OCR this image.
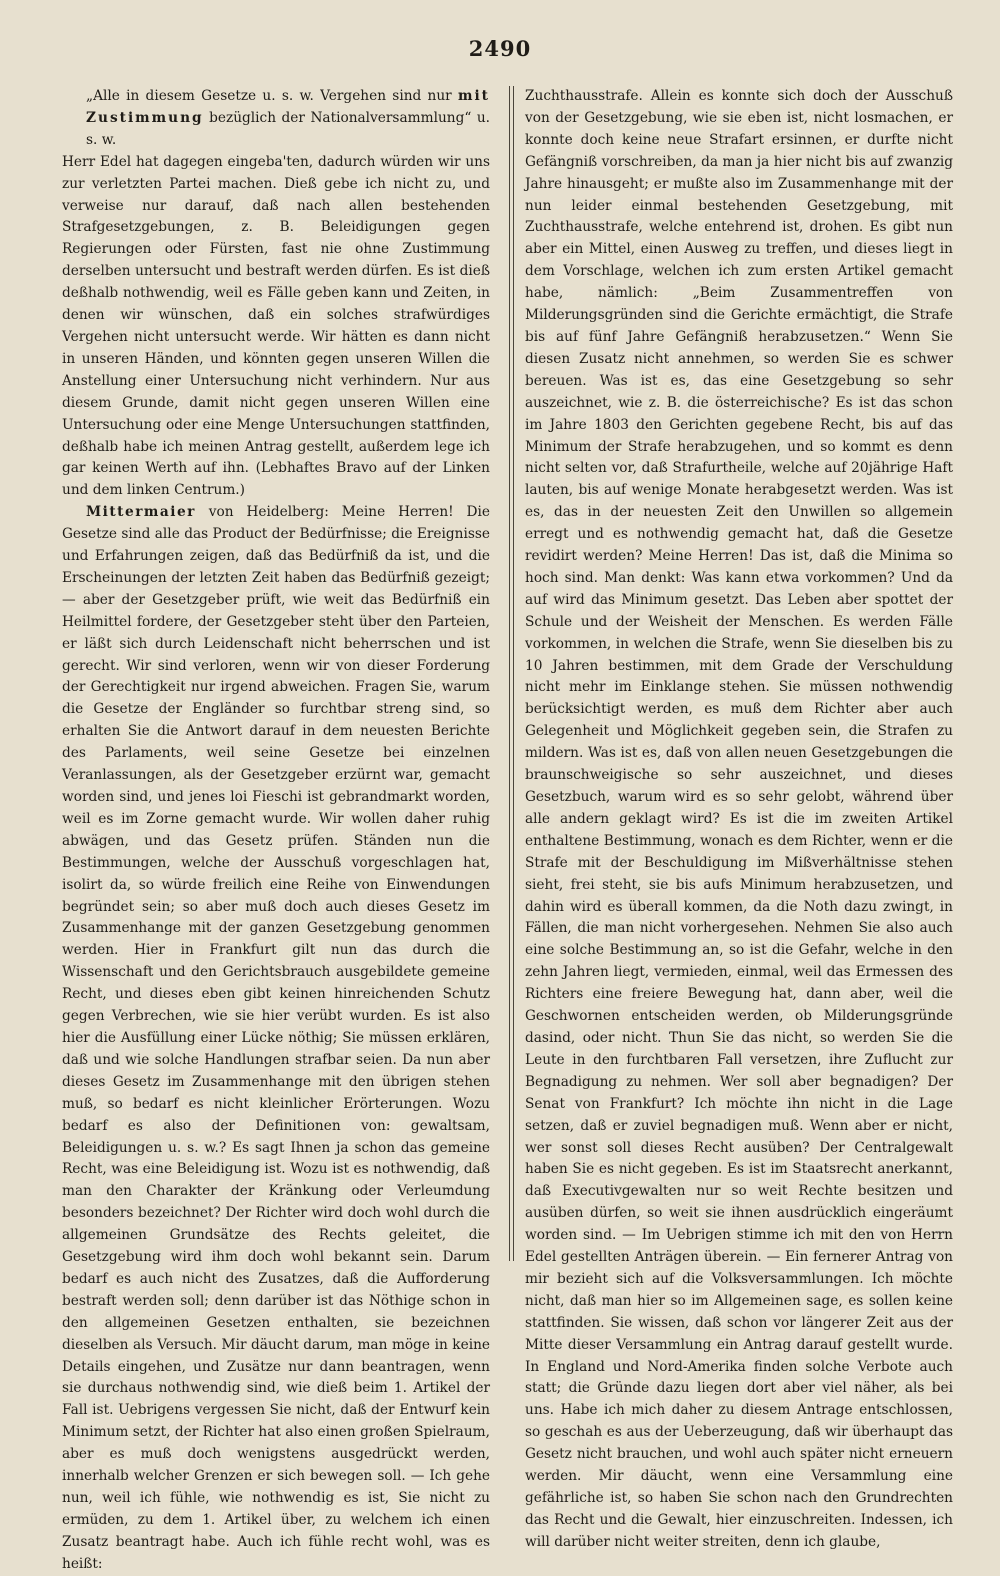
2490

„Alle in diesem Gesetze u. s. w. Vergehen sind nur mit Zustimmung bezüglich der Nationalversammlung“ u. s. w.

Herr Edel hat dagegen eingeba'ten, dadurch würden wir uns zur verletzten Partei machen. Dieß gebe ich nicht zu, und verweise nur darauf, daß nach allen bestehenden Strafgesetzgebungen, z. B. Beleidigungen gegen Regierungen oder Fürsten, fast nie ohne Zustimmung derselben untersucht und bestraft werden dürfen. Es ist dieß deßhalb nothwendig, weil es Fälle geben kann und Zeiten, in denen wir wünschen, daß ein solches strafwürdiges Vergehen nicht untersucht werde. Wir hätten es dann nicht in unseren Händen, und könnten gegen unseren Willen die Anstellung einer Untersuchung nicht verhindern. Nur aus diesem Grunde, damit nicht gegen unseren Willen eine Untersuchung oder eine Menge Untersuchungen stattfinden, deßhalb habe ich meinen Antrag gestellt, außerdem lege ich gar keinen Werth auf ihn. (Lebhaftes Bravo auf der Linken und dem linken Centrum.)

Mittermaier von Heidelberg: Meine Herren! Die Gesetze sind alle das Product der Bedürfnisse; die Ereignisse und Erfahrungen zeigen, daß das Bedürfniß da ist, und die Erscheinungen der letzten Zeit haben das Bedürfniß gezeigt; — aber der Gesetzgeber prüft, wie weit das Bedürfniß ein Heilmittel fordere, der Gesetzgeber steht über den Parteien, er läßt sich durch Leidenschaft nicht beherrschen und ist gerecht. Wir sind verloren, wenn wir von dieser Forderung der Gerechtigkeit nur irgend abweichen. Fragen Sie, warum die Gesetze der Engländer so furchtbar streng sind, so erhalten Sie die Antwort darauf in dem neuesten Berichte des Parlaments, weil seine Gesetze bei einzelnen Veranlassungen, als der Gesetzgeber erzürnt war, gemacht worden sind, und jenes loi Fieschi ist gebrandmarkt worden, weil es im Zorne gemacht wurde. Wir wollen daher ruhig abwägen, und das Gesetz prüfen. Ständen nun die Bestimmungen, welche der Ausschuß vorgeschlagen hat, isolirt da, so würde freilich eine Reihe von Einwendungen begründet sein; so aber muß doch auch dieses Gesetz im Zusammenhange mit der ganzen Gesetzgebung genommen werden. Hier in Frankfurt gilt nun das durch die Wissenschaft und den Gerichtsbrauch ausgebildete gemeine Recht, und dieses eben gibt keinen hinreichenden Schutz gegen Verbrechen, wie sie hier verübt wurden. Es ist also hier die Ausfüllung einer Lücke nöthig; Sie müssen erklären, daß und wie solche Handlungen strafbar seien. Da nun aber dieses Gesetz im Zusammenhange mit den übrigen stehen muß, so bedarf es nicht kleinlicher Erörterungen. Wozu bedarf es also der Definitionen von: gewaltsam, Beleidigungen u. s. w.? Es sagt Ihnen ja schon das gemeine Recht, was eine Beleidigung ist. Wozu ist es nothwendig, daß man den Charakter der Kränkung oder Verleumdung besonders bezeichnet? Der Richter wird doch wohl durch die allgemeinen Grundsätze des Rechts geleitet, die Gesetzgebung wird ihm doch wohl bekannt sein. Darum bedarf es auch nicht des Zusatzes, daß die Aufforderung bestraft werden soll; denn darüber ist das Nöthige schon in den allgemeinen Gesetzen enthalten, sie bezeichnen dieselben als Versuch. Mir däucht darum, man möge in keine Details eingehen, und Zusätze nur dann beantragen, wenn sie durchaus nothwendig sind, wie dieß beim 1. Artikel der Fall ist. Uebrigens vergessen Sie nicht, daß der Entwurf kein Minimum setzt, der Richter hat also einen großen Spielraum, aber es muß doch wenigstens ausgedrückt werden, innerhalb welcher Grenzen er sich bewegen soll. — Ich gehe nun, weil ich fühle, wie nothwendig es ist, Sie nicht zu ermüden, zu dem 1. Artikel über, zu welchem ich einen Zusatz beantragt habe. Auch ich fühle recht wohl, was es heißt:

Zuchthausstrafe. Allein es konnte sich doch der Ausschuß von der Gesetzgebung, wie sie eben ist, nicht losmachen, er konnte doch keine neue Strafart ersinnen, er durfte nicht Gefängniß vorschreiben, da man ja hier nicht bis auf zwanzig Jahre hinausgeht; er mußte also im Zusammenhange mit der nun leider einmal bestehenden Gesetzgebung, mit Zuchthausstrafe, welche entehrend ist, drohen. Es gibt nun aber ein Mittel, einen Ausweg zu treffen, und dieses liegt in dem Vorschlage, welchen ich zum ersten Artikel gemacht habe, nämlich: „Beim Zusammentreffen von Milderungsgründen sind die Gerichte ermächtigt, die Strafe bis auf fünf Jahre Gefängniß herabzusetzen.“ Wenn Sie diesen Zusatz nicht annehmen, so werden Sie es schwer bereuen. Was ist es, das eine Gesetzgebung so sehr auszeichnet, wie z. B. die österreichische? Es ist das schon im Jahre 1803 den Gerichten gegebene Recht, bis auf das Minimum der Strafe herabzugehen, und so kommt es denn nicht selten vor, daß Strafurtheile, welche auf 20jährige Haft lauten, bis auf wenige Monate herabgesetzt werden. Was ist es, das in der neuesten Zeit den Unwillen so allgemein erregt und es nothwendig gemacht hat, daß die Gesetze revidirt werden? Meine Herren! Das ist, daß die Minima so hoch sind. Man denkt: Was kann etwa vorkommen? Und da auf wird das Minimum gesetzt. Das Leben aber spottet der Schule und der Weisheit der Menschen. Es werden Fälle vorkommen, in welchen die Strafe, wenn Sie dieselben bis zu 10 Jahren bestimmen, mit dem Grade der Verschuldung nicht mehr im Einklange stehen. Sie müssen nothwendig berücksichtigt werden, es muß dem Richter aber auch Gelegenheit und Möglichkeit gegeben sein, die Strafen zu mildern. Was ist es, daß von allen neuen Gesetzgebungen die braunschweigische so sehr auszeichnet, und dieses Gesetzbuch, warum wird es so sehr gelobt, während über alle andern geklagt wird? Es ist die im zweiten Artikel enthaltene Bestimmung, wonach es dem Richter, wenn er die Strafe mit der Beschuldigung im Mißverhältnisse stehen sieht, frei steht, sie bis aufs Minimum herabzusetzen, und dahin wird es überall kommen, da die Noth dazu zwingt, in Fällen, die man nicht vorhergesehen. Nehmen Sie also auch eine solche Bestimmung an, so ist die Gefahr, welche in den zehn Jahren liegt, vermieden, einmal, weil das Ermessen des Richters eine freiere Bewegung hat, dann aber, weil die Geschwornen entscheiden werden, ob Milderungsgründe dasind, oder nicht. Thun Sie das nicht, so werden Sie die Leute in den furchtbaren Fall versetzen, ihre Zuflucht zur Begnadigung zu nehmen. Wer soll aber begnadigen? Der Senat von Frankfurt? Ich möchte ihn nicht in die Lage setzen, daß er zuviel begnadigen muß. Wenn aber er nicht, wer sonst soll dieses Recht ausüben? Der Centralgewalt haben Sie es nicht gegeben. Es ist im Staatsrecht anerkannt, daß Executivgewalten nur so weit Rechte besitzen und ausüben dürfen, so weit sie ihnen ausdrücklich eingeräumt worden sind. — Im Uebrigen stimme ich mit den von Herrn Edel gestellten Anträgen überein. — Ein fernerer Antrag von mir bezieht sich auf die Volksversammlungen. Ich möchte nicht, daß man hier so im Allgemeinen sage, es sollen keine stattfinden. Sie wissen, daß schon vor längerer Zeit aus der Mitte dieser Versammlung ein Antrag darauf gestellt wurde. In England und Nord-Amerika finden solche Verbote auch statt; die Gründe dazu liegen dort aber viel näher, als bei uns. Habe ich mich daher zu diesem Antrage entschlossen, so geschah es aus der Ueberzeugung, daß wir überhaupt das Gesetz nicht brauchen, und wohl auch später nicht erneuern werden. Mir däucht, wenn eine Versammlung eine gefährliche ist, so haben Sie schon nach den Grundrechten das Recht und die Gewalt, hier einzuschreiten. Indessen, ich will darüber nicht weiter streiten, denn ich glaube,
